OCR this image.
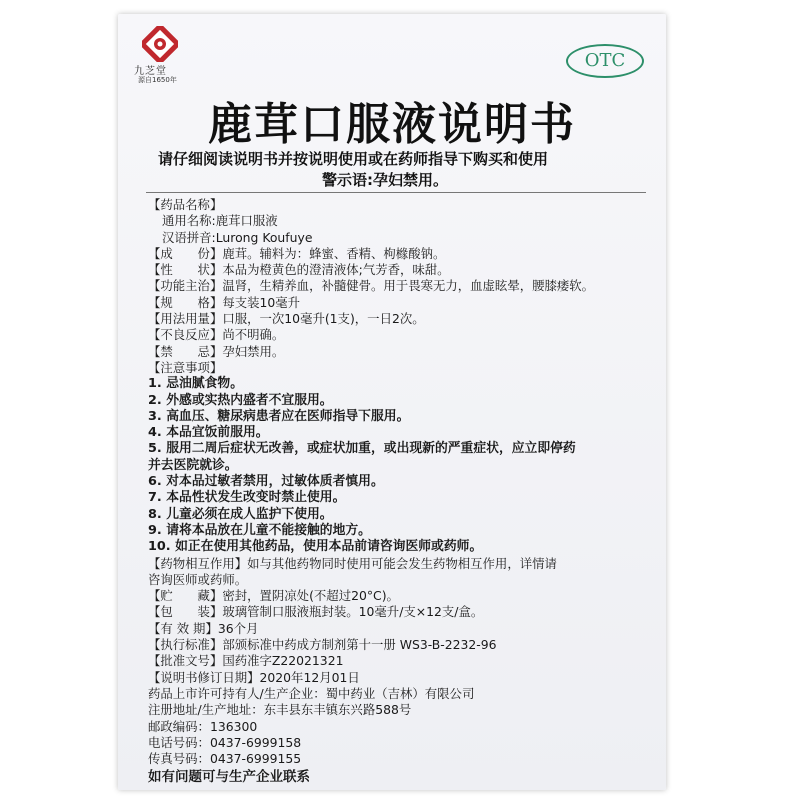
九芝堂
源自1650年
OTC
鹿茸口服液说明书
请仔细阅读说明书并按说明使用或在药师指导下购买和使用
警示语:孕妇禁用。
【药品名称】
通用名称:鹿茸口服液
汉语拼音:Lurong Koufuye
【成　　份】鹿茸。辅料为：蜂蜜、香精、枸橼酸钠。
【性　　状】本品为橙黄色的澄清液体;气芳香，味甜。
【功能主治】温肾，生精养血，补髓健骨。用于畏寒无力，血虚眩晕，腰膝痿软。
【规　　格】每支装10毫升
【用法用量】口服，一次10毫升(1支)，一日2次。
【不良反应】尚不明确。
【禁　　忌】孕妇禁用。
【注意事项】
1. 忌油腻食物。
2. 外感或实热内盛者不宜服用。
3. 高血压、糖尿病患者应在医师指导下服用。
4. 本品宜饭前服用。
5. 服用二周后症状无改善，或症状加重，或出现新的严重症状，应立即停药
并去医院就诊。
6. 对本品过敏者禁用，过敏体质者慎用。
7. 本品性状发生改变时禁止使用。
8. 儿童必须在成人监护下使用。
9. 请将本品放在儿童不能接触的地方。
10. 如正在使用其他药品，使用本品前请咨询医师或药师。
【药物相互作用】如与其他药物同时使用可能会发生药物相互作用，详情请
咨询医师或药师。
【贮　　藏】密封，置阴凉处(不超过20°C)。
【包　　装】玻璃管制口服液瓶封装。10毫升/支×12支/盒。
【有 效 期】36个月
【执行标准】部颁标准中药成方制剂第十一册 WS3-B-2232-96
【批准文号】国药准字Z22021321
【说明书修订日期】2020年12月01日
药品上市许可持有人/生产企业：蜀中药业（吉林）有限公司
注册地址/生产地址：东丰县东丰镇东兴路588号
邮政编码：136300
电话号码：0437-6999158
传真号码：0437-6999155
如有问题可与生产企业联系
